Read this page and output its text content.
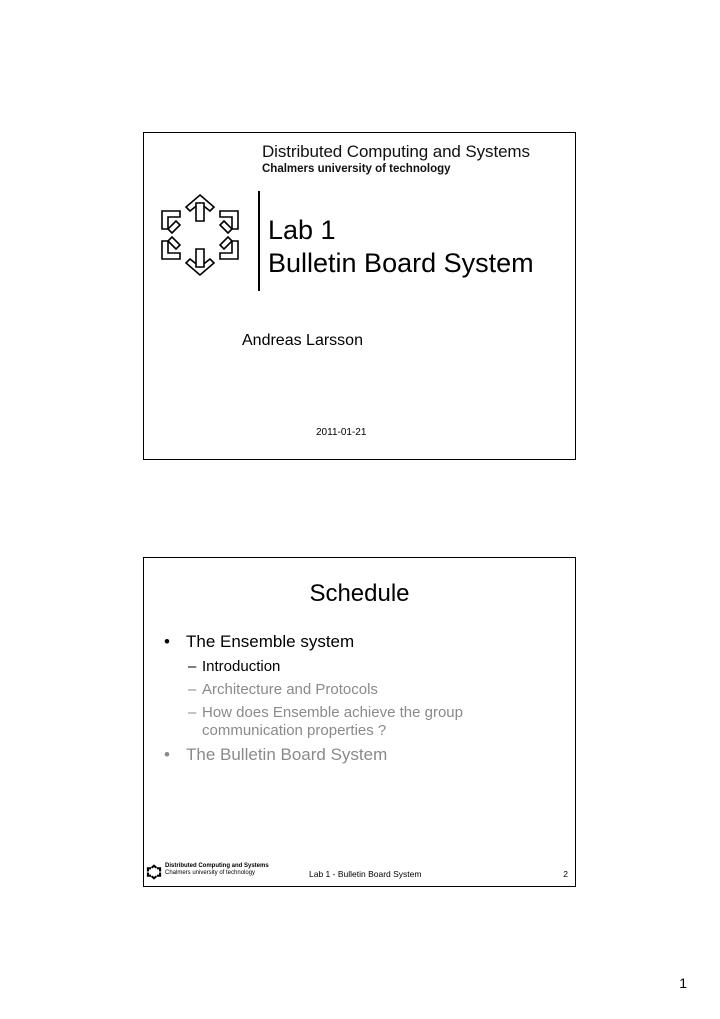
Distributed Computing and Systems
Chalmers university of technology
Lab 1
Bulletin Board System
Andreas Larsson
2011-01-21
Schedule
• The Ensemble system
– Introduction
– Architecture and Protocols
– How does Ensemble achieve the group
communication properties ?
• The Bulletin Board System
Distributed Computing and Systems
Chalmers university of technology	Lab 1 - Bulletin Board System	2
1
